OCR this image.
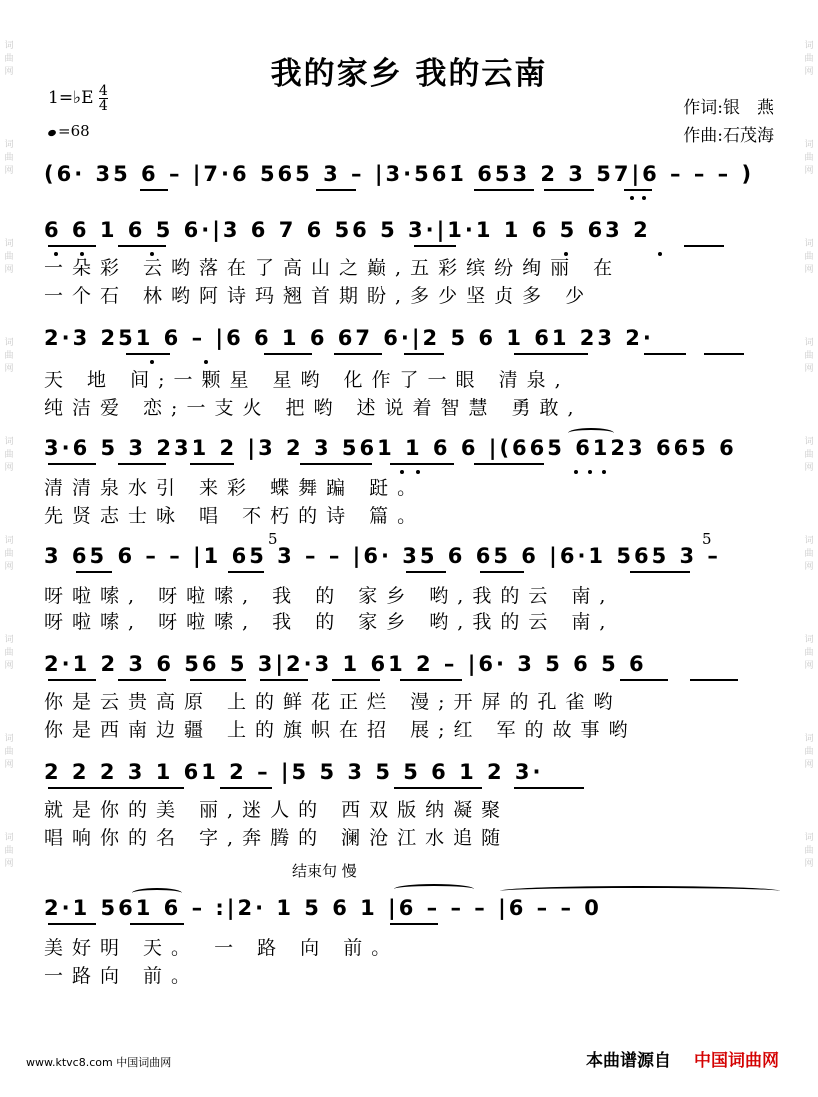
词曲网
词曲网
词曲网
词曲网
词曲网
词曲网
词曲网
词曲网
词曲网
词曲网
词曲网
词曲网
词曲网
词曲网
词曲网
词曲网
词曲网
词曲网
我的家乡 我的云南
1=♭E $\frac{4}{4}$
=68
作词:银　燕
作曲:石茂海
(6· 35 6 – |7·6 565 3 – |3·561̇ 653 2 3 57|6 – – – )
6 6 1 6 5 6·|3 6 7 6 56 5 3·|1·1 1 6 5 63 2
一朵彩 云哟落在了高山之巅,五彩缤纷绚丽 在
一个石 林哟阿诗玛翘首期盼,多少坚贞多 少
2·3 251 6 – |6 6 1 6 67 6·|2 5 6 1 61 23 2·
天 地 间;一颗星 星哟 化作了一眼 清泉,
纯洁爱 恋;一支火 把哟 述说着智慧 勇敢,
3·6 5 3 231 2 |3 2 3 561 1 6 6 |(665 6123 665 6
清清泉水引 来彩 蝶舞蹁 跹。
先贤志士咏 唱 不朽的诗 篇。
3 65 6 – – |1 65 3 – – |6· 35 6 65 6 |6·1 565 3 –
5	5
呀啦嗦, 呀啦嗦, 我 的 家乡 哟,我的云 南,
呀啦嗦, 呀啦嗦, 我 的 家乡 哟,我的云 南,
2·1 2 3 6 56 5 3|2·3 1 61 2 – |6· 3 5 6 5 6
你是云贵高原 上的鲜花正烂 漫;开屏的孔雀哟
你是西南边疆 上的旗帜在招 展;红 军的故事哟
2 2 2 3 1 61 2 – |5 5 3 5 5 6 1 2 3·
就是你的美 丽,迷人的 西双版纳凝聚
唱响你的名 字,奔腾的 澜沧江水追随
结束句 慢
2·1 561 6 – :|2· 1 5 6 1 |6 – – – |6 – – 0
美好明 天。 一 路 向 前。
一路向 前。
www.ktvc8.com 中国词曲网	本曲谱源自 中国词曲网
